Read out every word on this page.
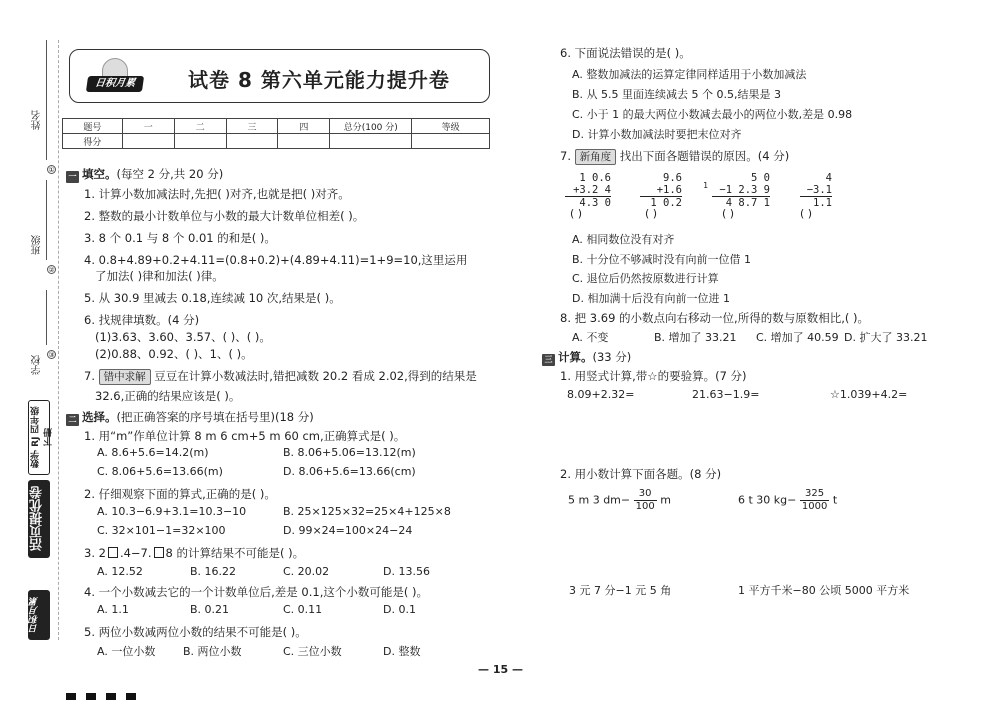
姓名
①
班级
②
学校 ③
数学 RJ 四年级 下册
活页提优卷
日积月累
日积月累	试卷 8 第六单元能力提升卷
题号	一	二	三	四	总分(100 分)	等级
得分						
一 填空。(每空 2 分,共 20 分)
1. 计算小数加减法时,先把( )对齐,也就是把( )对齐。
2. 整数的最小计数单位与小数的最大计数单位相差( )。
3. 8 个 0.1 与 8 个 0.01 的和是( )。
4. 0.8+4.89+0.2+4.11=(0.8+0.2)+(4.89+4.11)=1+9=10,这里运用
了加法( )律和加法( )律。
5. 从 30.9 里减去 0.18,连续减 10 次,结果是( )。
6. 找规律填数。(4 分)
(1)3.63、3.60、3.57、( )、( )。
(2)0.88、0.92、( )、1、( )。
7. 错中求解 豆豆在计算小数减法时,错把减数 20.2 看成 2.02,得到的结果是
32.6,正确的结果应该是( )。
二 选择。(把正确答案的序号填在括号里)(18 分)
1. 用“m”作单位计算 8 m 6 cm+5 m 60 cm,正确算式是( )。
A. 8.6+5.6=14.2(m)	B. 8.06+5.06=13.12(m)
C. 8.06+5.6=13.66(m)	D. 8.06+5.6=13.66(cm)
2. 仔细观察下面的算式,正确的是( )。
A. 10.3−6.9+3.1=10.3−10	B. 25×125×32=25×4+125×8
C. 32×101−1=32×100	D. 99×24=100×24−24
3. 2 .4−7. 8 的计算结果不可能是( )。
A. 12.52	B. 16.22	C. 20.02	D. 13.56
4. 一个小数减去它的一个计数单位后,差是 0.1,这个小数可能是( )。
A. 1.1	B. 0.21	C. 0.11	D. 0.1
5. 两位小数减两位小数的结果不可能是( )。
A. 一位小数	B. 两位小数	C. 三位小数	D. 整数
6. 下面说法错误的是( )。
A. 整数加减法的运算定律同样适用于小数加减法
B. 从 5.5 里面连续减去 5 个 0.5,结果是 3
C. 小于 1 的最大两位小数减去最小的两位小数,差是 0.98
D. 计算小数加减法时要把末位对齐
7. 新角度 找出下面各题错误的原因。(4 分)
1 0.6
+3.2 4
4.3 0
9.6
+1.6
1 0.2
5 0
−1 2.3 9
4 8.7 1
1
4
−3.1
1.1
( )	( )	( )	( )
A. 相同数位没有对齐
B. 十分位不够减时没有向前一位借 1
C. 退位后仍然按原数进行计算
D. 相加满十后没有向前一位进 1
8. 把 3.69 的小数点向右移动一位,所得的数与原数相比,( )。
A. 不变	B. 增加了 33.21 C. 增加了 40.59 D. 扩大了 33.21
三 计算。(33 分)
1. 用竖式计算,带☆的要验算。(7 分)
8.09+2.32=	21.63−1.9=	☆1.039+4.2=
2. 用小数计算下面各题。(8 分)
5 m 3 $dm- \frac{30}{100}$ m	6 t 30 $kg- \frac{325}{1000}$ t
3 元 7 分−1 元 5 角	1 平方千米−80 公顷 5000 平方米
— 15 —
